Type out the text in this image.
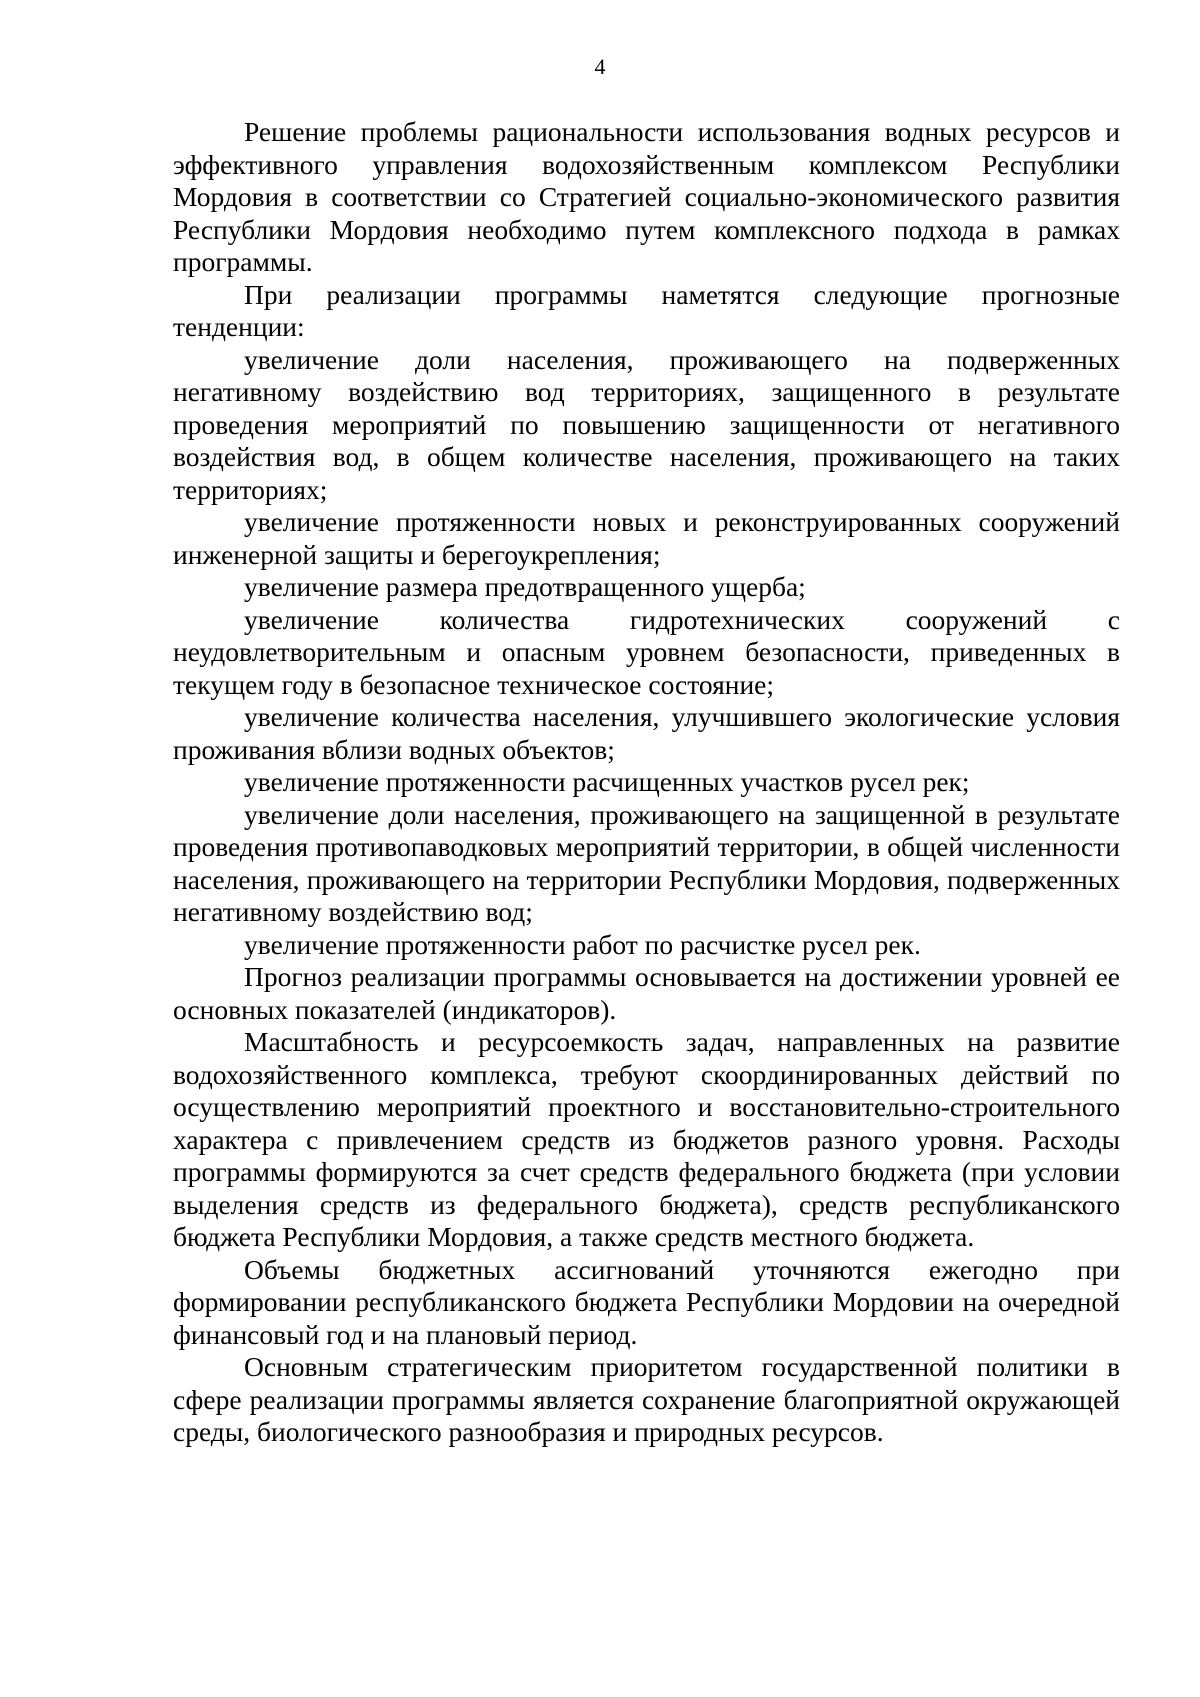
4

Решение проблемы рациональности использования водных ресурсов и эффективного управления водохозяйственным комплексом Республики Мордовия в соответствии со Стратегией социально-экономического развития Республики Мордовия необходимо путем комплексного подхода в рамках программы.

При реализации программы наметятся следующие прогнозные тенденции:

увеличение доли населения, проживающего на подверженных негативному воздействию вод территориях, защищенного в результате проведения мероприятий по повышению защищенности от негативного воздействия вод, в общем количестве населения, проживающего на таких территориях;

увеличение протяженности новых и реконструированных сооружений инженерной защиты и берегоукрепления;

увеличение размера предотвращенного ущерба;

увеличение количества гидротехнических сооружений с неудовлетворительным и опасным уровнем безопасности, приведенных в текущем году в безопасное техническое состояние;

увеличение количества населения, улучшившего экологические условия проживания вблизи водных объектов;

увеличение протяженности расчищенных участков русел рек;

увеличение доли населения, проживающего на защищенной в результате проведения противопаводковых мероприятий территории, в общей численности населения, проживающего на территории Республики Мордовия, подверженных негативному воздействию вод;

увеличение протяженности работ по расчистке русел рек.

Прогноз реализации программы основывается на достижении уровней ее основных показателей (индикаторов).

Масштабность и ресурсоемкость задач, направленных на развитие водохозяйственного комплекса, требуют скоординированных действий по осуществлению мероприятий проектного и восстановительно-строительного характера с привлечением средств из бюджетов разного уровня. Расходы программы формируются за счет средств федерального бюджета (при условии выделения средств из федерального бюджета), средств республиканского бюджета Республики Мордовия, а также средств местного бюджета.

Объемы бюджетных ассигнований уточняются ежегодно при формировании республиканского бюджета Республики Мордовии на очередной финансовый год и на плановый период.

Основным стратегическим приоритетом государственной политики в сфере реализации программы является сохранение благоприятной окружающей среды, биологического разнообразия и природных ресурсов.
